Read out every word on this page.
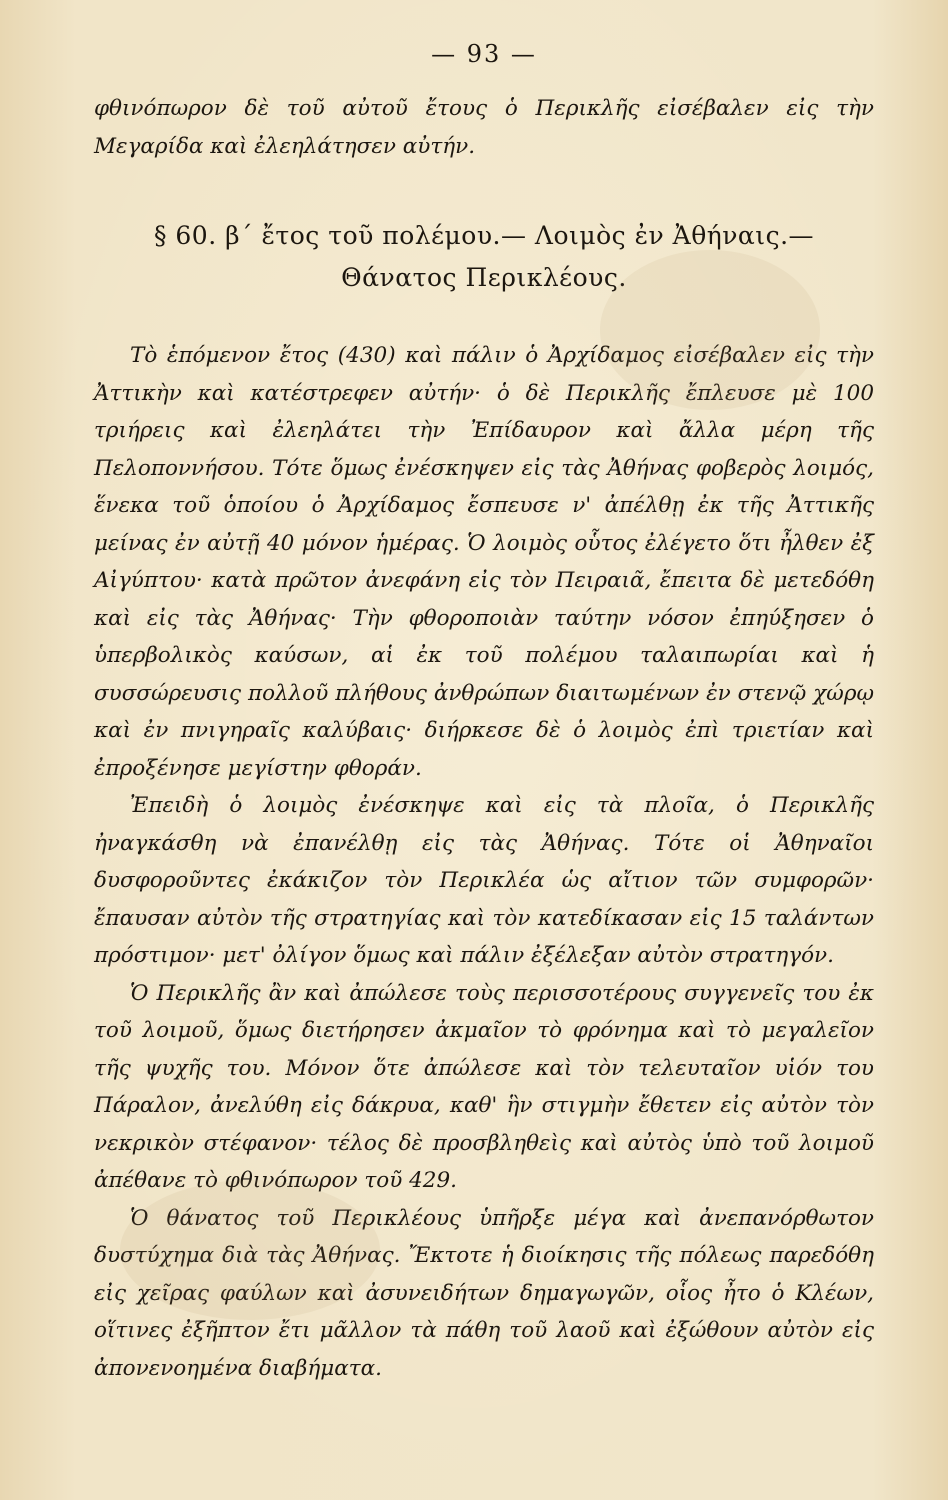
— 93 —

φθινόπωρον δὲ τοῦ αὐτοῦ ἔτους ὁ Περικλῆς εἰσέβαλεν εἰς τὴν Μεγαρίδα καὶ ἐλεηλάτησεν αὐτήν.

§ 60. β΄ ἔτος τοῦ πολέμου.— Λοιμὸς ἐν Ἀθήναις.—
Θάνατος Περικλέους.

Τὸ ἑπόμενον ἔτος (430) καὶ πάλιν ὁ Ἀρχίδαμος εἰσέβαλεν εἰς τὴν Ἀττικὴν καὶ κατέστρεφεν αὐτήν· ὁ δὲ Περικλῆς ἔπλευσε μὲ 100 τριήρεις καὶ ἐλεηλάτει τὴν Ἐπίδαυρον καὶ ἄλλα μέρη τῆς Πελοποννήσου. Τότε ὅμως ἐνέσκηψεν εἰς τὰς Ἀθήνας φοβερὸς λοιμός, ἕνεκα τοῦ ὁποίου ὁ Ἀρχίδαμος ἔσπευσε ν' ἀπέλθῃ ἐκ τῆς Ἀττικῆς μείνας ἐν αὐτῇ 40 μόνον ἡμέρας. Ὁ λοιμὸς οὗτος ἐλέγετο ὅτι ἦλθεν ἐξ Αἰγύπτου· κατὰ πρῶτον ἀνεφάνη εἰς τὸν Πειραιᾶ, ἔπειτα δὲ μετεδόθη καὶ εἰς τὰς Ἀθήνας· Τὴν φθοροποιὰν ταύτην νόσον ἐπηύξησεν ὁ ὑπερβολικὸς καύσων, αἱ ἐκ τοῦ πολέμου ταλαιπωρίαι καὶ ἡ συσσώρευσις πολλοῦ πλήθους ἀνθρώπων διαιτωμένων ἐν στενῷ χώρῳ καὶ ἐν πνιγηραῖς καλύβαις· διήρκεσε δὲ ὁ λοιμὸς ἐπὶ τριετίαν καὶ ἐπροξένησε μεγίστην φθοράν.

Ἐπειδὴ ὁ λοιμὸς ἐνέσκηψε καὶ εἰς τὰ πλοῖα, ὁ Περικλῆς ἠναγκάσθη νὰ ἐπανέλθῃ εἰς τὰς Ἀθήνας. Τότε οἱ Ἀθηναῖοι δυσφοροῦντες ἐκάκιζον τὸν Περικλέα ὡς αἴτιον τῶν συμφορῶν· ἔπαυσαν αὐτὸν τῆς στρατηγίας καὶ τὸν κατεδίκασαν εἰς 15 ταλάντων πρόστιμον· μετ' ὀλίγον ὅμως καὶ πάλιν ἐξέλεξαν αὐτὸν στρατηγόν.

Ὁ Περικλῆς ἂν καὶ ἀπώλεσε τοὺς περισσοτέρους συγγενεῖς του ἐκ τοῦ λοιμοῦ, ὅμως διετήρησεν ἀκμαῖον τὸ φρόνημα καὶ τὸ μεγαλεῖον τῆς ψυχῆς του. Μόνον ὅτε ἀπώλεσε καὶ τὸν τελευταῖον υἱόν του Πάραλον, ἀνελύθη εἰς δάκρυα, καθ' ἣν στιγμὴν ἔθετεν εἰς αὐτὸν τὸν νεκρικὸν στέφανον· τέλος δὲ προσβληθεὶς καὶ αὐτὸς ὑπὸ τοῦ λοιμοῦ ἀπέθανε τὸ φθινόπωρον τοῦ 429.

Ὁ θάνατος τοῦ Περικλέους ὑπῆρξε μέγα καὶ ἀνεπανόρθωτον δυστύχημα διὰ τὰς Ἀθήνας. Ἔκτοτε ἡ διοίκησις τῆς πόλεως παρεδόθη εἰς χεῖρας φαύλων καὶ ἀσυνειδήτων δημαγωγῶν, οἷος ἦτο ὁ Κλέων, οἵτινες ἐξῆπτον ἔτι μᾶλλον τὰ πάθη τοῦ λαοῦ καὶ ἐξώθουν αὐτὸν εἰς ἀπονενοημένα διαβήματα.
